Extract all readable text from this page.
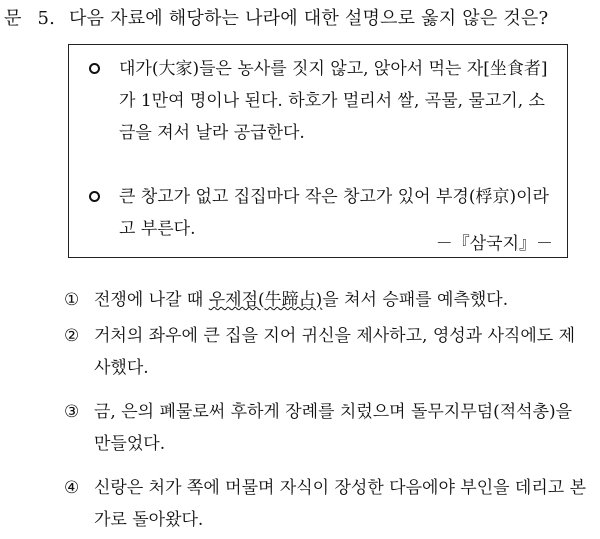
문 5. 다음 자료에 해당하는 나라에 대한 설명으로 옳지 않은 것은?
대가(大家)들은 농사를 짓지 않고, 앉아서 먹는 자[坐食者]가 1만여 명이나 된다. 하호가 멀리서 쌀, 곡물, 물고기, 소금을 져서 날라 공급한다.
큰 창고가 없고 집집마다 작은 창고가 있어 부경(桴京)이라고 부른다.
－『삼국지』－
① 전쟁에 나갈 때 우제점(牛蹄占)을 쳐서 승패를 예측했다.
② 거처의 좌우에 큰 집을 지어 귀신을 제사하고, 영성과 사직에도 제사했다.
③ 금, 은의 폐물로써 후하게 장례를 치렀으며 돌무지무덤(적석총)을 만들었다.
④ 신랑은 처가 쪽에 머물며 자식이 장성한 다음에야 부인을 데리고 본가로 돌아왔다.
